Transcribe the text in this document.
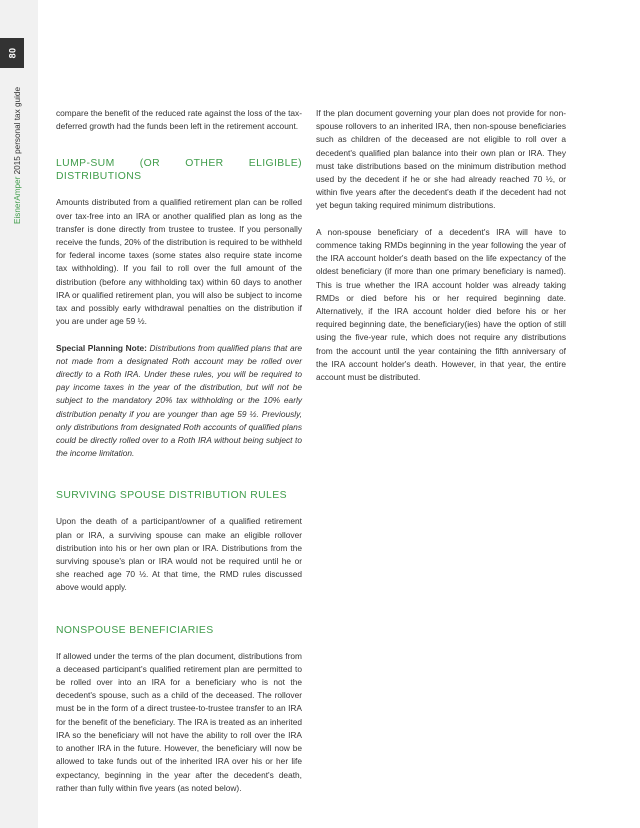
80
EisnerAmper 2015 personal tax guide	compare the benefit of the reduced rate against the loss of the tax-deferred growth had the funds been left in the retirement account.

LUMP-SUM (OR OTHER ELIGIBLE) DISTRIBUTIONS

Amounts distributed from a qualified retirement plan can be rolled over tax-free into an IRA or another qualified plan as long as the transfer is done directly from trustee to trustee. If you personally receive the funds, 20% of the distribution is required to be withheld for federal income taxes (some states also require state income tax withholding). If you fail to roll over the full amount of the distribution (before any withholding tax) within 60 days to another IRA or qualified retirement plan, you will also be subject to income tax and possibly early withdrawal penalties on the distribution if you are under age 59 ½.

Special Planning Note: Distributions from qualified plans that are not made from a designated Roth account may be rolled over directly to a Roth IRA. Under these rules, you will be required to pay income taxes in the year of the distribution, but will not be subject to the mandatory 20% tax withholding or the 10% early distribution penalty if you are younger than age 59 ½. Previously, only distributions from designated Roth accounts of qualified plans could be directly rolled over to a Roth IRA without being subject to the income limitation.

SURVIVING SPOUSE DISTRIBUTION RULES

Upon the death of a participant/owner of a qualified retirement plan or IRA, a surviving spouse can make an eligible rollover distribution into his or her own plan or IRA. Distributions from the surviving spouse's plan or IRA would not be required until he or she reached age 70 ½. At that time, the RMD rules discussed above would apply.

NONSPOUSE BENEFICIARIES

If allowed under the terms of the plan document, distributions from a deceased participant's qualified retirement plan are permitted to be rolled over into an IRA for a beneficiary who is not the decedent's spouse, such as a child of the deceased. The rollover must be in the form of a direct trustee-to-trustee transfer to an IRA for the benefit of the beneficiary. The IRA is treated as an inherited IRA so the beneficiary will not have the ability to roll over the IRA to another IRA in the future. However, the beneficiary will now be allowed to take funds out of the inherited IRA over his or her life expectancy, beginning in the year after the decedent's death, rather than fully within five years (as noted below).

If the plan document governing your plan does not provide for non-spouse rollovers to an inherited IRA, then non-spouse beneficiaries such as children of the deceased are not eligible to roll over a decedent's qualified plan balance into their own plan or IRA. They must take distributions based on the minimum distribution method used by the decedent if he or she had already reached 70 ½, or within five years after the decedent's death if the decedent had not yet begun taking required minimum distributions.

A non-spouse beneficiary of a decedent's IRA will have to commence taking RMDs beginning in the year following the year of the IRA account holder's death based on the life expectancy of the oldest beneficiary (if more than one primary beneficiary is named). This is true whether the IRA account holder was already taking RMDs or died before his or her required beginning date. Alternatively, if the IRA account holder died before his or her required beginning date, the beneficiary(ies) have the option of still using the five-year rule, which does not require any distributions from the account until the year containing the fifth anniversary of the IRA account holder's death. However, in that year, the entire account must be distributed.
